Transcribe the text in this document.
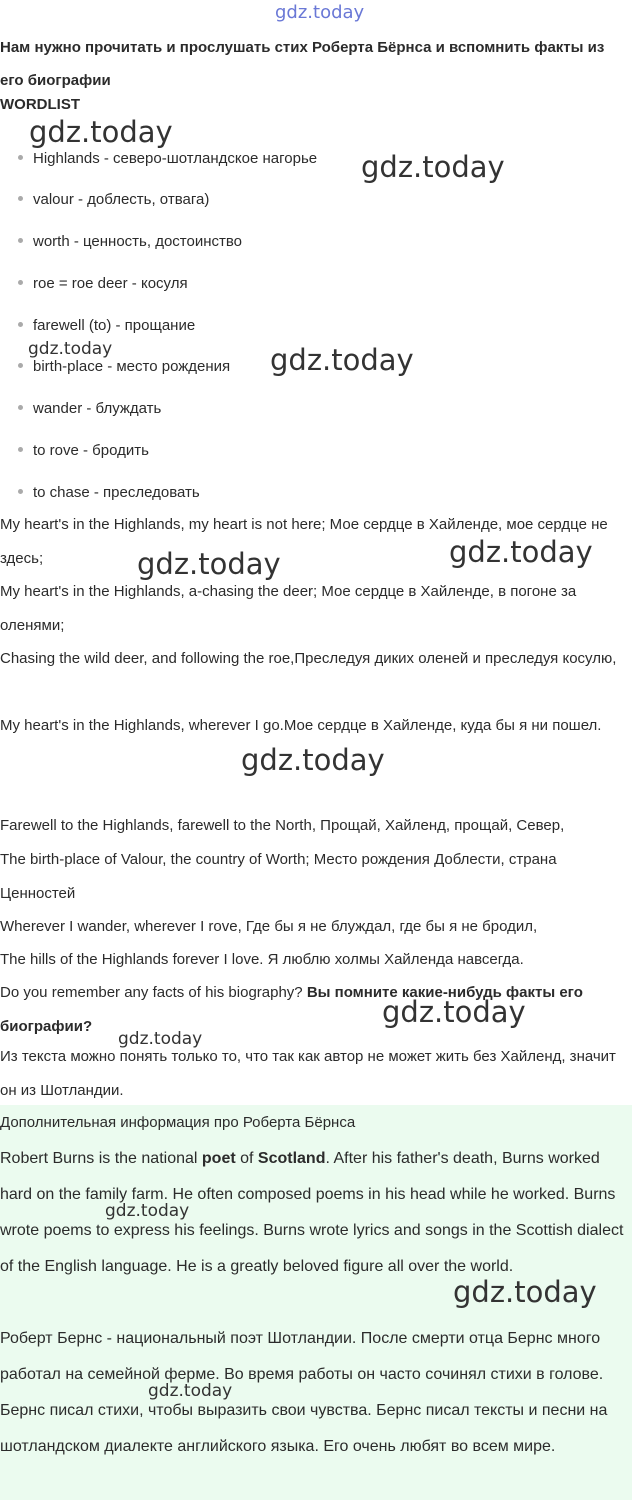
Нам нужно прочитать и прослушать стих Роберта Бёрнса и вспомнить факты из его биографии

WORDLIST

Highlands - северо-шотландское нагорье
valour - доблесть, отвага)
worth - ценность, достоинство
roe = roe deer - косуля
farewell (to) - прощание
birth-place - место рождения
wander - блуждать
to rove - бродить
to chase - преследовать
My heart's in the Highlands, my heart is not here; Мое сердце в Хайленде, мое сердце не здесь;
My heart's in the Highlands, a-chasing the deer; Мое сердце в Хайленде, в погоне за оленями;
Chasing the wild deer, and following the roe,Преследуя диких оленей и преследуя косулю,
My heart's in the Highlands, wherever I go.Мое сердце в Хайленде, куда бы я ни пошел.
Farewell to the Highlands, farewell to the North, Прощай, Хайленд, прощай, Север,
The birth-place of Valour, the country of Worth; Место рождения Доблести, страна Ценностей
Wherever I wander, wherever I rove, Где бы я не блуждал, где бы я не бродил,
The hills of the Highlands forever I love. Я люблю холмы Хайленда навсегда.
Do you remember any facts of his biography? Вы помните какие-нибудь факты его биографии?
Из текста можно понять только то, что так как автор не может жить без Хайленд, значит он из Шотландии.
Дополнительная информация про Роберта Бёрнса
Robert Burns is the national poet of Scotland. After his father's death, Burns worked hard on the family farm. He often composed poems in his head while he worked. Burns wrote poems to express his feelings. Burns wrote lyrics and songs in the Scottish dialect of the English language. He is a greatly beloved figure all over the world.
Роберт Бернс - национальный поэт Шотландии. После смерти отца Бернс много работал на семейной ферме. Во время работы он часто сочинял стихи в голове. Бернс писал стихи, чтобы выразить свои чувства. Бернс писал тексты и песни на шотландском диалекте английского языка. Его очень любят во всем мире.
gdz.today
gdz.today
gdz.today
gdz.today	gdz.today
gdz.today
gdz.today
gdz.today
gdz.today
gdz.today
gdz.today
gdz.today
gdz.today
